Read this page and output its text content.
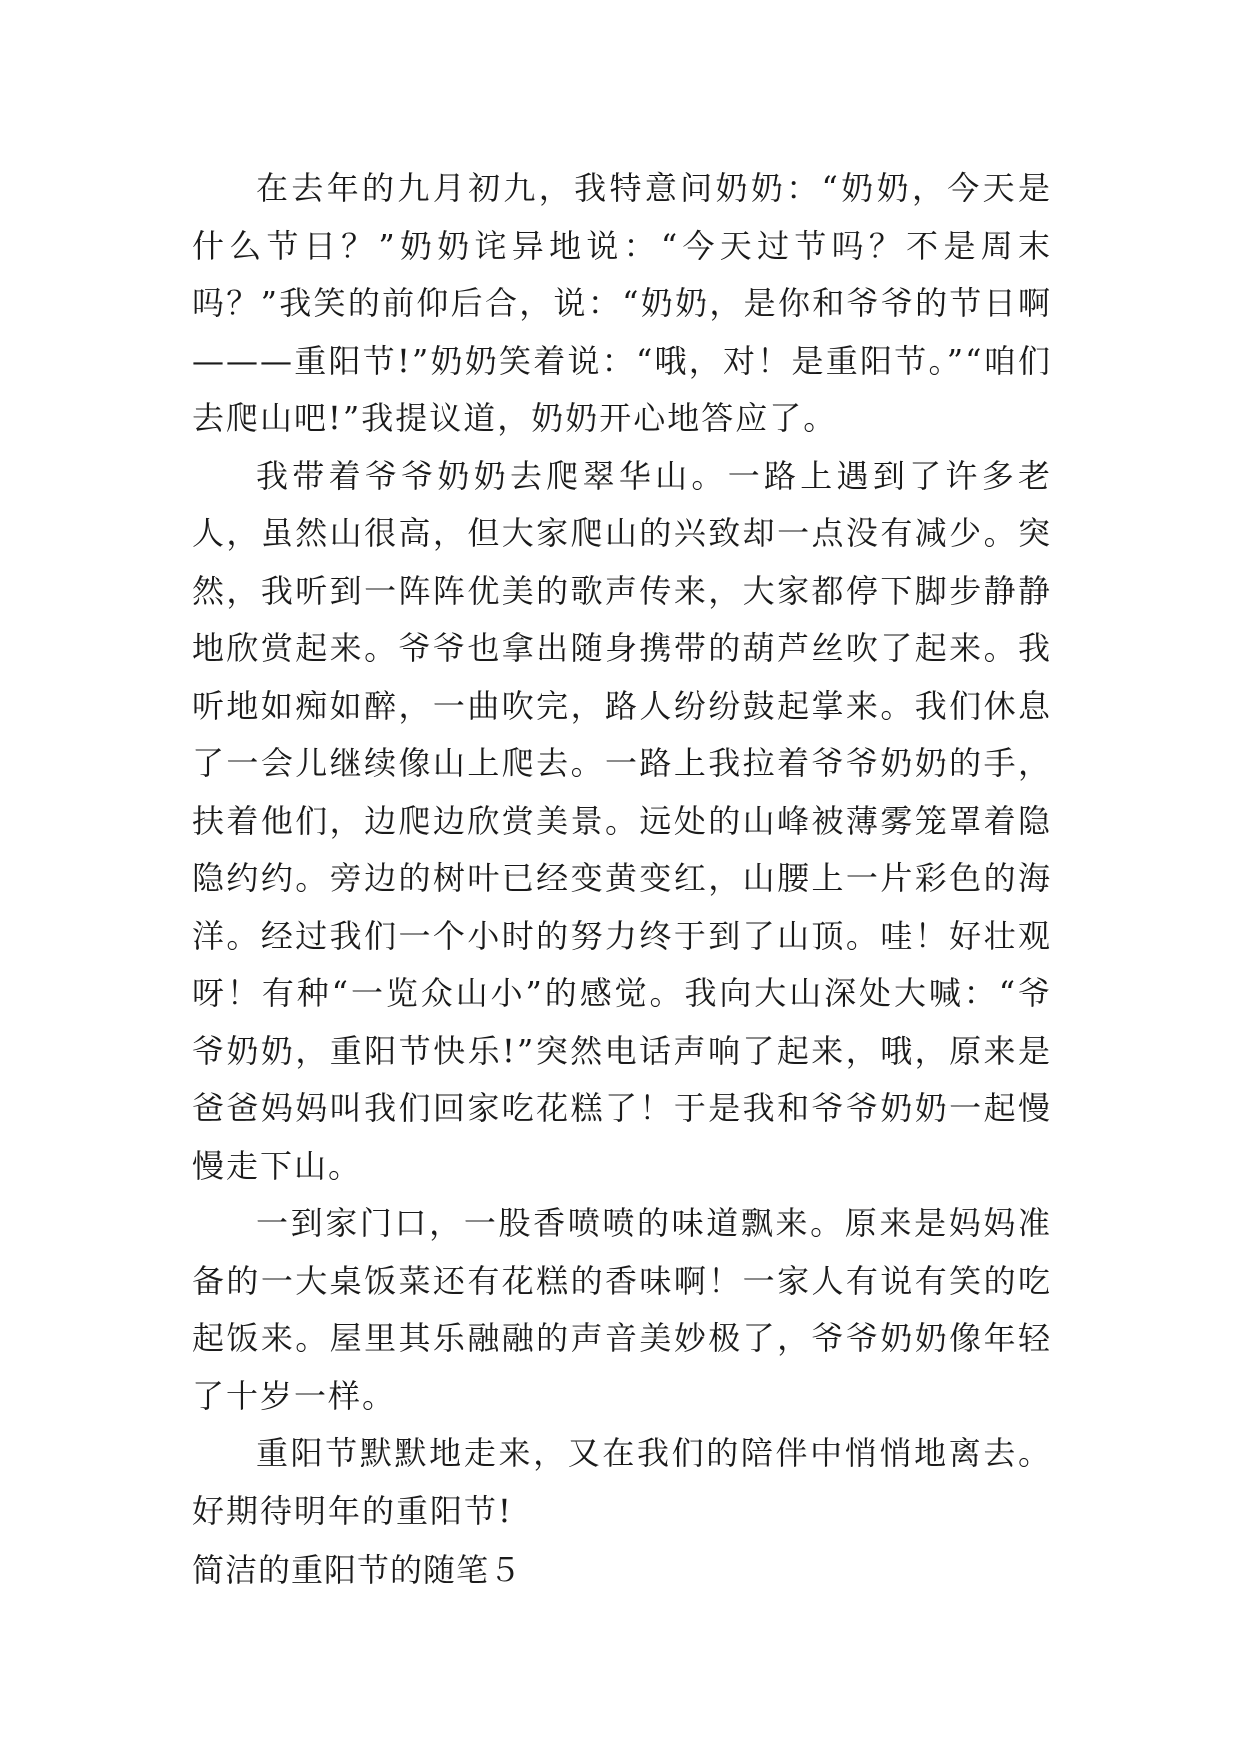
在去年的九月初九，我特意问奶奶：“奶奶，今天是什么节日？”奶奶诧异地说：“今天过节吗？不是周末吗？”我笑的前仰后合，说：“奶奶，是你和爷爷的节日啊———重阳节!”奶奶笑着说：“哦，对！是重阳节。”“咱们去爬山吧!”我提议道，奶奶开心地答应了。

我带着爷爷奶奶去爬翠华山。一路上遇到了许多老人，虽然山很高，但大家爬山的兴致却一点没有减少。突然，我听到一阵阵优美的歌声传来，大家都停下脚步静静地欣赏起来。爷爷也拿出随身携带的葫芦丝吹了起来。我听地如痴如醉，一曲吹完，路人纷纷鼓起掌来。我们休息了一会儿继续像山上爬去。一路上我拉着爷爷奶奶的手，扶着他们，边爬边欣赏美景。远处的山峰被薄雾笼罩着隐隐约约。旁边的树叶已经变黄变红，山腰上一片彩色的海洋。经过我们一个小时的努力终于到了山顶。哇！好壮观呀！有种“一览众山小”的感觉。我向大山深处大喊：“爷爷奶奶，重阳节快乐!”突然电话声响了起来，哦，原来是爸爸妈妈叫我们回家吃花糕了！于是我和爷爷奶奶一起慢慢走下山。

一到家门口，一股香喷喷的味道飘来。原来是妈妈准备的一大桌饭菜还有花糕的香味啊！一家人有说有笑的吃起饭来。屋里其乐融融的声音美妙极了，爷爷奶奶像年轻了十岁一样。

重阳节默默地走来，又在我们的陪伴中悄悄地离去。好期待明年的重阳节!

简洁的重阳节的随笔５
